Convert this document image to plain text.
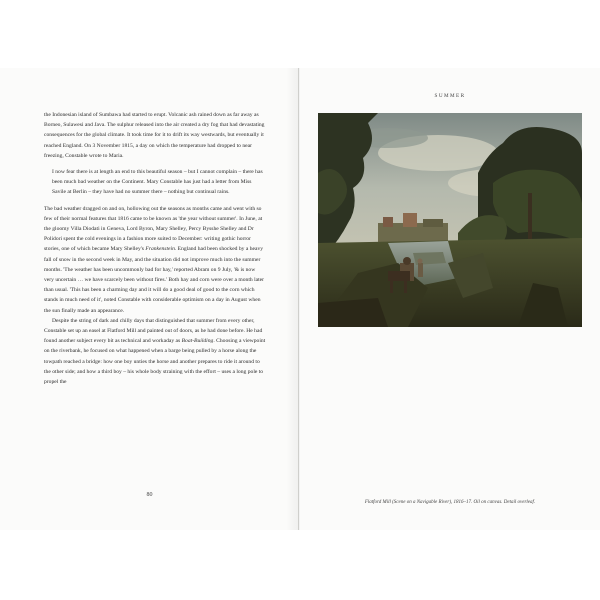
the Indonesian island of Sumbawa had started to erupt. Volcanic ash rained down as far away as Borneo, Sulawesi and Java. The sulphur released into the air created a dry fog that had devastating consequences for the global climate. It took time for it to drift its way westwards, but eventually it reached England. On 3 November 1815, a day on which the temperature had dropped to near freezing, Constable wrote to Maria.

I now fear there is at length an end to this beautiful season – but I cannot complain – there has been much bad weather on the Continent. Mary Constable has just had a letter from Miss Savile at Berlin – they have had no summer there – nothing but continual rains.

The bad weather dragged on and on, hollowing out the seasons as months came and went with so few of their normal features that 1816 came to be known as 'the year without summer'. In June, at the gloomy Villa Diodati in Geneva, Lord Byron, Mary Shelley, Percy Bysshe Shelley and Dr Polidori spent the cold evenings in a fashion more suited to December: writing gothic horror stories, one of which became Mary Shelley's Frankenstein. England had been shocked by a heavy fall of snow in the second week in May, and the situation did not improve much into the summer months. 'The weather has been uncommonly bad for hay,' reported Abram on 9 July, '& is now very uncertain … we have scarcely been without fires.' Both hay and corn were over a month later than usual. 'This has been a charming day and it will do a good deal of good to the corn which stands in much need of it', noted Constable with considerable optimism on a day in August when the sun finally made an appearance.

Despite the string of dark and chilly days that distinguished that summer from every other, Constable set up an easel at Flatford Mill and painted out of doors, as he had done before. He had found another subject every bit as technical and workaday as Boat-Building. Choosing a viewpoint on the riverbank, he focused on what happened when a barge being pulled by a horse along the towpath reached a bridge: how one boy unties the horse and another prepares to ride it around to the other side; and how a third boy – his whole body straining with the effort – uses a long pole to propel the

80
SUMMER
Flatford Mill (Scene on a Navigable River), 1816–17. Oil on canvas. Detail overleaf.
